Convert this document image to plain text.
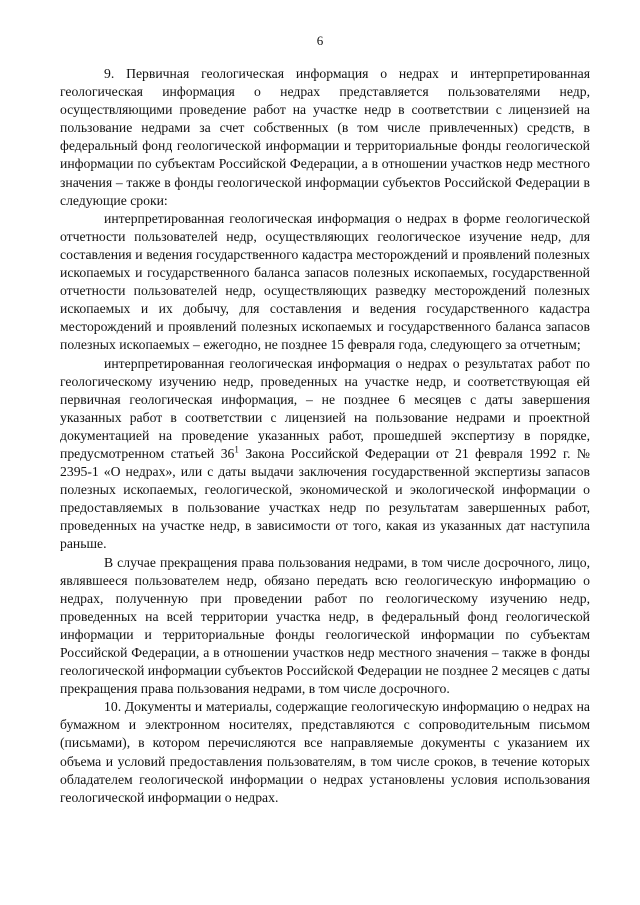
6

9. Первичная геологическая информация о недрах и интерпретированная геологическая информация о недрах представляется пользователями недр, осуществляющими проведение работ на участке недр в соответствии с лицензией на пользование недрами за счет собственных (в том числе привлеченных) средств, в федеральный фонд геологической информации и территориальные фонды геологической информации по субъектам Российской Федерации, а в отношении участков недр местного значения – также в фонды геологической информации субъектов Российской Федерации в следующие сроки:

интерпретированная геологическая информация о недрах в форме геологической отчетности пользователей недр, осуществляющих геологическое изучение недр, для составления и ведения государственного кадастра месторождений и проявлений полезных ископаемых и государственного баланса запасов полезных ископаемых, государственной отчетности пользователей недр, осуществляющих разведку месторождений полезных ископаемых и их добычу, для составления и ведения государственного кадастра месторождений и проявлений полезных ископаемых и государственного баланса запасов полезных ископаемых – ежегодно, не позднее 15 февраля года, следующего за отчетным;

интерпретированная геологическая информация о недрах о результатах работ по геологическому изучению недр, проведенных на участке недр, и соответствующая ей первичная геологическая информация, – не позднее 6 месяцев с даты завершения указанных работ в соответствии с лицензией на пользование недрами и проектной документацией на проведение указанных работ, прошедшей экспертизу в порядке, предусмотренном статьей $36^1$ Закона Российской Федерации от 21 февраля 1992 г. № 2395-1 «О недрах», или с даты выдачи заключения государственной экспертизы запасов полезных ископаемых, геологической, экономической и экологической информации о предоставляемых в пользование участках недр по результатам завершенных работ, проведенных на участке недр, в зависимости от того, какая из указанных дат наступила раньше.

В случае прекращения права пользования недрами, в том числе досрочного, лицо, являвшееся пользователем недр, обязано передать всю геологическую информацию о недрах, полученную при проведении работ по геологическому изучению недр, проведенных на всей территории участка недр, в федеральный фонд геологической информации и территориальные фонды геологической информации по субъектам Российской Федерации, а в отношении участков недр местного значения – также в фонды геологической информации субъектов Российской Федерации не позднее 2 месяцев с даты прекращения права пользования недрами, в том числе досрочного.

10. Документы и материалы, содержащие геологическую информацию о недрах на бумажном и электронном носителях, представляются с сопроводительным письмом (письмами), в котором перечисляются все направляемые документы с указанием их объема и условий предоставления пользователям, в том числе сроков, в течение которых обладателем геологической информации о недрах установлены условия использования геологической информации о недрах.
